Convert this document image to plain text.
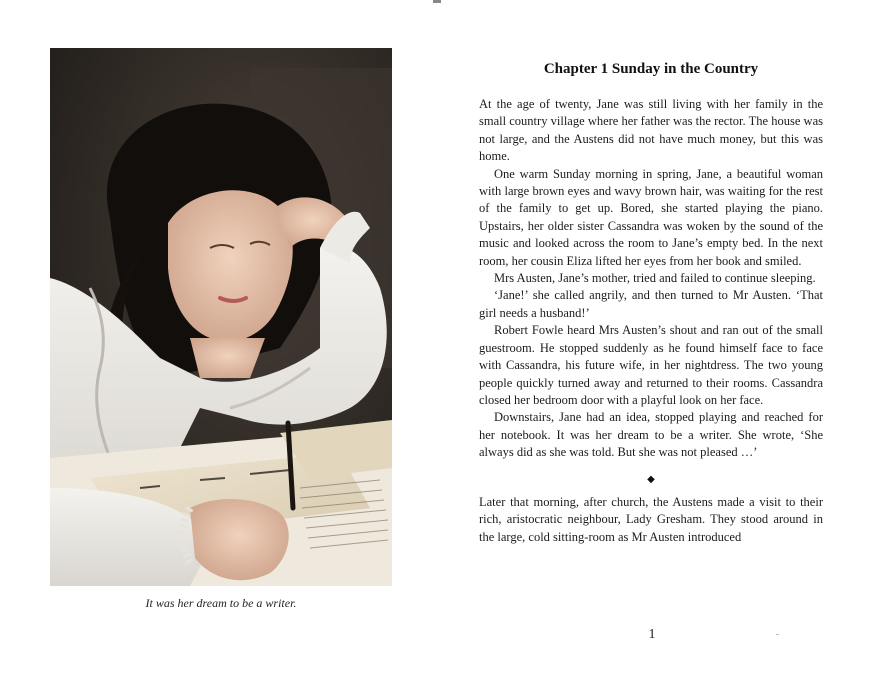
It was her dream to be a writer.
Chapter 1 Sunday in the Country

At the age of twenty, Jane was still living with her family in the small country village where her father was the rector. The house was not large, and the Austens did not have much money, but this was home.

One warm Sunday morning in spring, Jane, a beautiful woman with large brown eyes and wavy brown hair, was waiting for the rest of the family to get up. Bored, she started playing the piano. Upstairs, her older sister Cassandra was woken by the sound of the music and looked across the room to Jane’s empty bed. In the next room, her cousin Eliza lifted her eyes from her book and smiled.

Mrs Austen, Jane’s mother, tried and failed to continue sleeping.

‘Jane!’ she called angrily, and then turned to Mr Austen. ‘That girl needs a husband!’

Robert Fowle heard Mrs Austen’s shout and ran out of the small guestroom. He stopped suddenly as he found himself face to face with Cassandra, his future wife, in her nightdress. The two young people quickly turned away and returned to their rooms. Cassandra closed her bedroom door with a playful look on her face.

Downstairs, Jane had an idea, stopped playing and reached for her notebook. It was her dream to be a writer. She wrote, ‘She always did as she was told. But she was not pleased …’

◆

Later that morning, after church, the Austens made a visit to their rich, aristocratic neighbour, Lady Gresham. They stood around in the large, cold sitting-room as Mr Austen introduced

1
